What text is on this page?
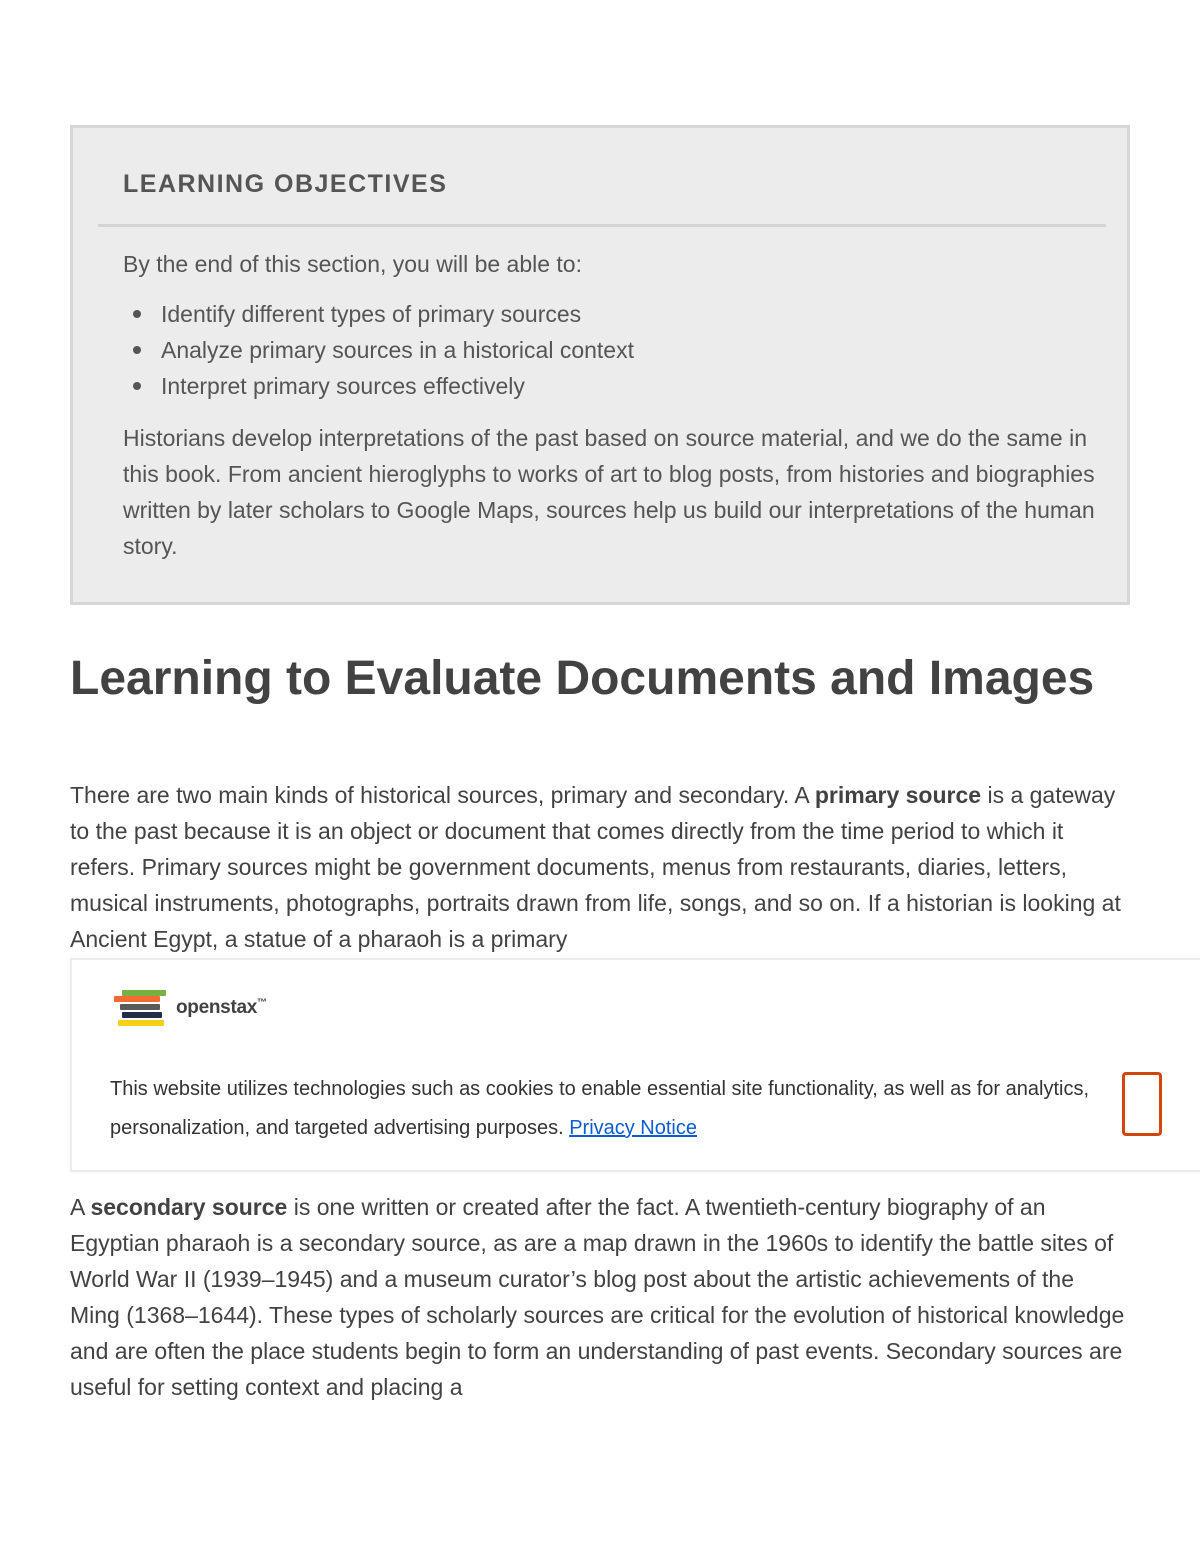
LEARNING OBJECTIVES

By the end of this section, you will be able to:

Identify different types of primary sources
Analyze primary sources in a historical context
Interpret primary sources effectively

Historians develop interpretations of the past based on source material, and we do the same in this book. From ancient hieroglyphs to works of art to blog posts, from histories and biographies written by later scholars to Google Maps, sources help us build our interpretations of the human story.

Learning to Evaluate Documents and Images

There are two main kinds of historical sources, primary and secondary. A primary source is a gateway to the past because it is an object or document that comes directly from the time period to which it refers. Primary sources might be government documents, menus from restaurants, diaries, letters, musical instruments, photographs, portraits drawn from life, songs, and so on. If a historian is looking at Ancient Egypt, a statue of a pharaoh is a primary

openstax™

This website utilizes technologies such as cookies to enable essential site functionality, as well as for analytics, personalization, and targeted advertising purposes. Privacy Notice

A secondary source is one written or created after the fact. A twentieth-century biography of an Egyptian pharaoh is a secondary source, as are a map drawn in the 1960s to identify the battle sites of World War II (1939–1945) and a museum curator’s blog post about the artistic achievements of the Ming (1368–1644). These types of scholarly sources are critical for the evolution of historical knowledge and are often the place students begin to form an understanding of past events. Secondary sources are useful for setting context and placing a
